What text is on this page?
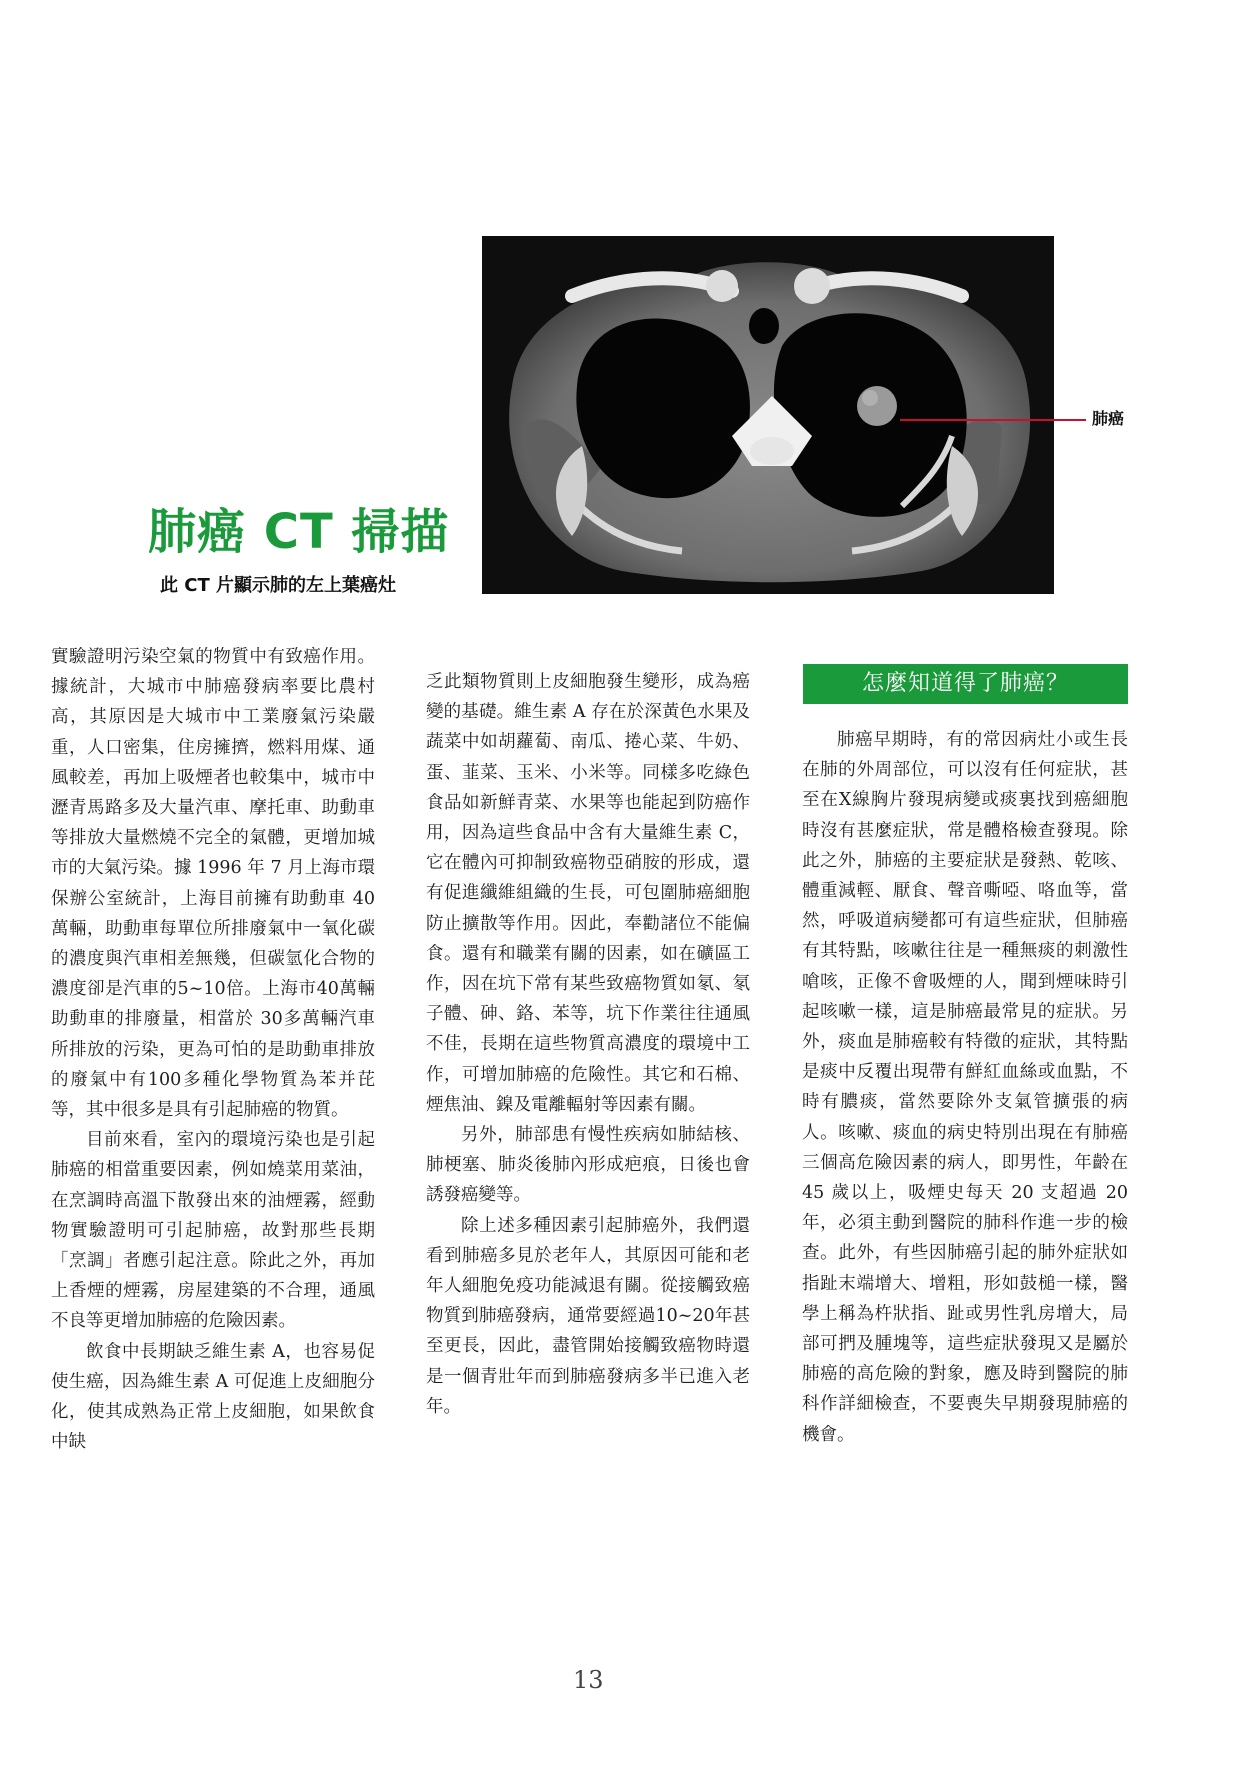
肺癌
肺癌 CT 掃描

此 CT 片顯示肺的左上葉癌灶

實驗證明污染空氣的物質中有致癌作用。據統計，大城市中肺癌發病率要比農村高，其原因是大城市中工業廢氣污染嚴重，人口密集，住房擁擠，燃料用煤、通風較差，再加上吸煙者也較集中，城市中瀝青馬路多及大量汽車、摩托車、助動車等排放大量燃燒不完全的氣體，更增加城市的大氣污染。據 1996 年 7 月上海市環保辦公室統計，上海目前擁有助動車 40 萬輛，助動車每單位所排廢氣中一氧化碳的濃度與汽車相差無幾，但碳氫化合物的濃度卻是汽車的5~10倍。上海市40萬輛助動車的排廢量，相當於 30多萬輛汽車所排放的污染，更為可怕的是助動車排放的廢氣中有100多種化學物質為苯并芘等，其中很多是具有引起肺癌的物質。

目前來看，室內的環境污染也是引起肺癌的相當重要因素，例如燒菜用菜油，在烹調時高溫下散發出來的油煙霧，經動物實驗證明可引起肺癌，故對那些長期「烹調」者應引起注意。除此之外，再加上香煙的煙霧，房屋建築的不合理，通風不良等更增加肺癌的危險因素。

飲食中長期缺乏維生素 A，也容易促使生癌，因為維生素 A 可促進上皮細胞分化，使其成熟為正常上皮細胞，如果飲食中缺

乏此類物質則上皮細胞發生變形，成為癌變的基礎。維生素 A 存在於深黃色水果及蔬菜中如胡蘿蔔、南瓜、捲心菜、牛奶、蛋、韮菜、玉米、小米等。同樣多吃綠色食品如新鮮青菜、水果等也能起到防癌作用，因為這些食品中含有大量維生素 C，它在體內可抑制致癌物亞硝胺的形成，還有促進纖維組織的生長，可包圍肺癌細胞防止擴散等作用。因此，奉勸諸位不能偏食。還有和職業有關的因素，如在礦區工作，因在坑下常有某些致癌物質如氡、氡子體、砷、鉻、苯等，坑下作業往往通風不佳，長期在這些物質高濃度的環境中工作，可增加肺癌的危險性。其它和石棉、煙焦油、鎳及電離輻射等因素有關。

另外，肺部患有慢性疾病如肺結核、肺梗塞、肺炎後肺內形成疤痕，日後也會誘發癌變等。

除上述多種因素引起肺癌外，我們還看到肺癌多見於老年人，其原因可能和老年人細胞免疫功能減退有關。從接觸致癌物質到肺癌發病，通常要經過10~20年甚至更長，因此，盡管開始接觸致癌物時還是一個青壯年而到肺癌發病多半已進入老年。

怎麼知道得了肺癌？

肺癌早期時，有的常因病灶小或生長在肺的外周部位，可以沒有任何症狀，甚至在X線胸片發現病變或痰裏找到癌細胞時沒有甚麼症狀，常是體格檢查發現。除此之外，肺癌的主要症狀是發熱、乾咳、體重減輕、厭食、聲音嘶啞、咯血等，當然，呼吸道病變都可有這些症狀，但肺癌有其特點，咳嗽往往是一種無痰的刺激性嗆咳，正像不會吸煙的人，聞到煙味時引起咳嗽一樣，這是肺癌最常見的症狀。另外，痰血是肺癌較有特徵的症狀，其特點是痰中反覆出現帶有鮮紅血絲或血點，不時有膿痰，當然要除外支氣管擴張的病人。咳嗽、痰血的病史特別出現在有肺癌三個高危險因素的病人，即男性，年齡在 45 歲以上，吸煙史每天 20 支超過 20 年，必須主動到醫院的肺科作進一步的檢查。此外，有些因肺癌引起的肺外症狀如指趾末端增大、增粗，形如鼓槌一樣，醫學上稱為杵狀指、趾或男性乳房增大，局部可捫及腫塊等，這些症狀發現又是屬於肺癌的高危險的對象，應及時到醫院的肺科作詳細檢查，不要喪失早期發現肺癌的機會。

13
